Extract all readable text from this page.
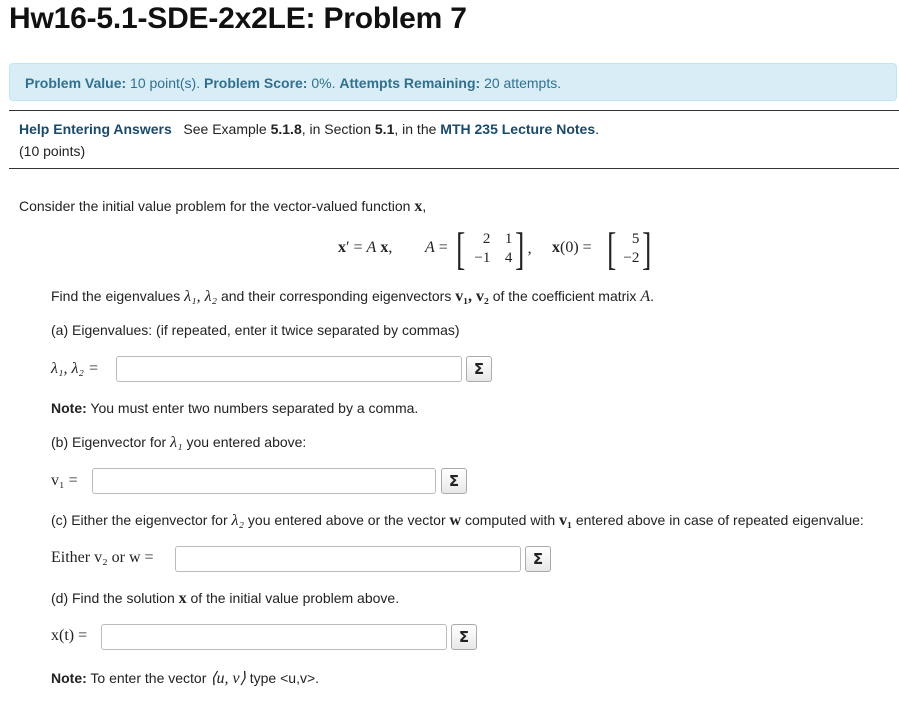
Hw16-5.1-SDE-2x2LE: Problem 7
Problem Value: 10 point(s). Problem Score: 0%. Attempts Remaining: 20 attempts.
Help Entering Answers See Example 5.1.8, in Section 5.1, in the MTH 235 Lecture Notes.
(10 points)
Consider the initial value problem for the vector-valued function x,
x′ = A x, A = [	2 1
−1 4 ] , x(0) = [	5
−2 ]
Find the eigenvalues λ₁, λ₂ and their corresponding eigenvectors v₁, v₂ of the coefficient matrix A.
(a) Eigenvalues: (if repeated, enter it twice separated by commas)
λ₁, λ₂ =	Σ
Note: You must enter two numbers separated by a comma.
(b) Eigenvector for λ₁ you entered above:
v₁ =	Σ
(c) Either the eigenvector for λ₂ you entered above or the vector w computed with v₁ entered above in case of repeated eigenvalue:
Either v₂ or w =	Σ
(d) Find the solution x of the initial value problem above.
x(t) =	Σ
Note: To enter the vector ⟨u, v⟩ type <u,v>.
